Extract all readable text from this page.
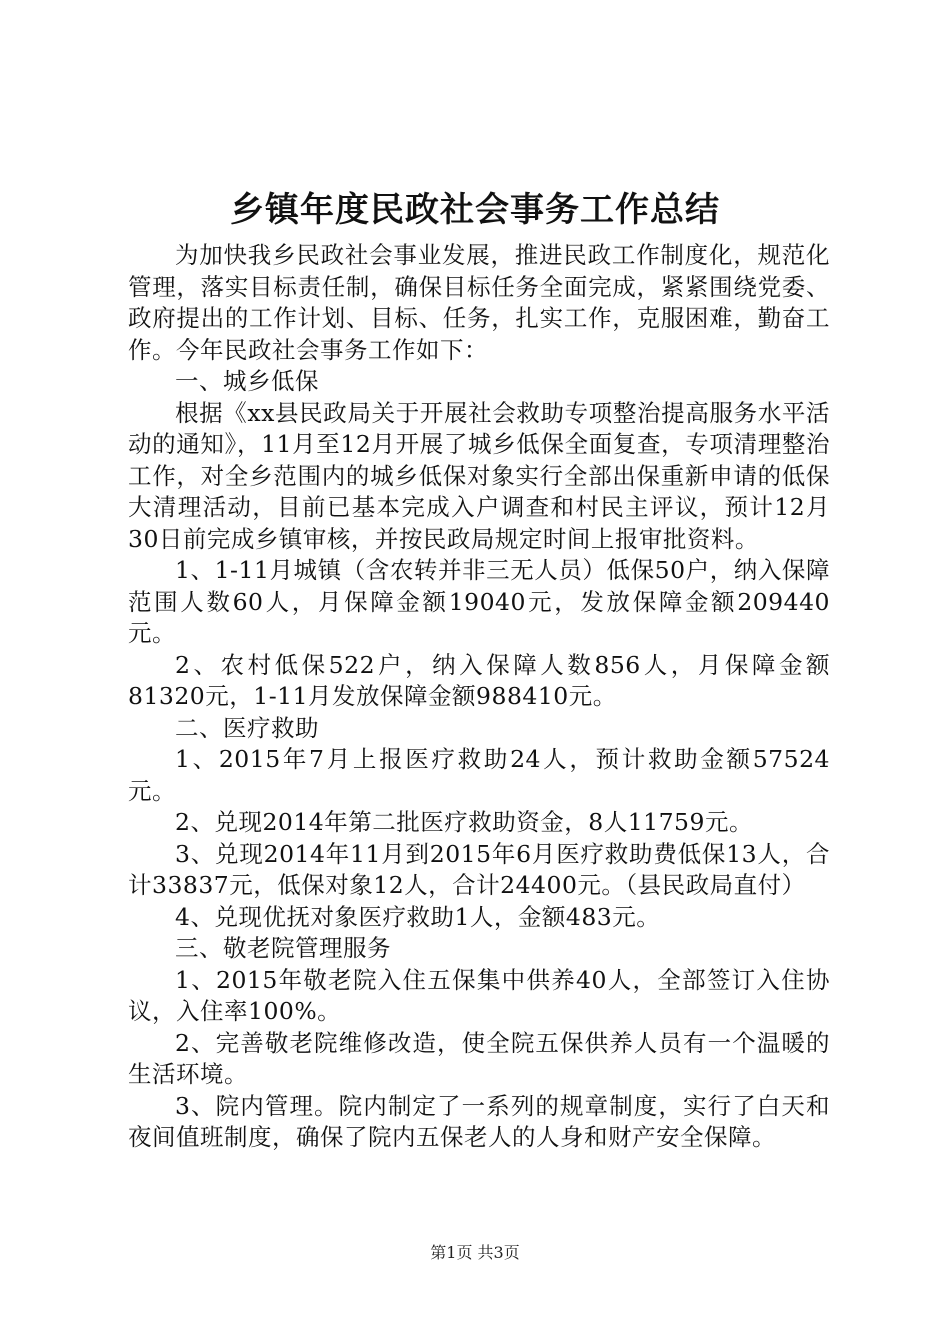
乡镇年度民政社会事务工作总结

为加快我乡民政社会事业发展，推进民政工作制度化，规范化管理，落实目标责任制，确保目标任务全面完成，紧紧围绕党委、政府提出的工作计划、目标、任务，扎实工作，克服困难，勤奋工作。今年民政社会事务工作如下：

一、城乡低保

根据《xx县民政局关于开展社会救助专项整治提高服务水平活动的通知》，11月至12月开展了城乡低保全面复查，专项清理整治工作，对全乡范围内的城乡低保对象实行全部出保重新申请的低保大清理活动，目前已基本完成入户调查和村民主评议，预计12月30日前完成乡镇审核，并按民政局规定时间上报审批资料。

1、1-11月城镇（含农转并非三无人员）低保50户，纳入保障范围人数60人，月保障金额19040元，发放保障金额209440元。

2、农村低保522户，纳入保障人数856人，月保障金额81320元，1-11月发放保障金额988410元。

二、医疗救助

1、2015年7月上报医疗救助24人，预计救助金额57524元。

2、兑现2014年第二批医疗救助资金，8人11759元。

3、兑现2014年11月到2015年6月医疗救助费低保13人，合计33837元，低保对象12人，合计24400元。（县民政局直付）

4、兑现优抚对象医疗救助1人，金额483元。

三、敬老院管理服务

1、2015年敬老院入住五保集中供养40人，全部签订入住协议，入住率100%。

2、完善敬老院维修改造，使全院五保供养人员有一个温暖的生活环境。

3、院内管理。院内制定了一系列的规章制度，实行了白天和夜间值班制度，确保了院内五保老人的人身和财产安全保障。

第1页 共3页
